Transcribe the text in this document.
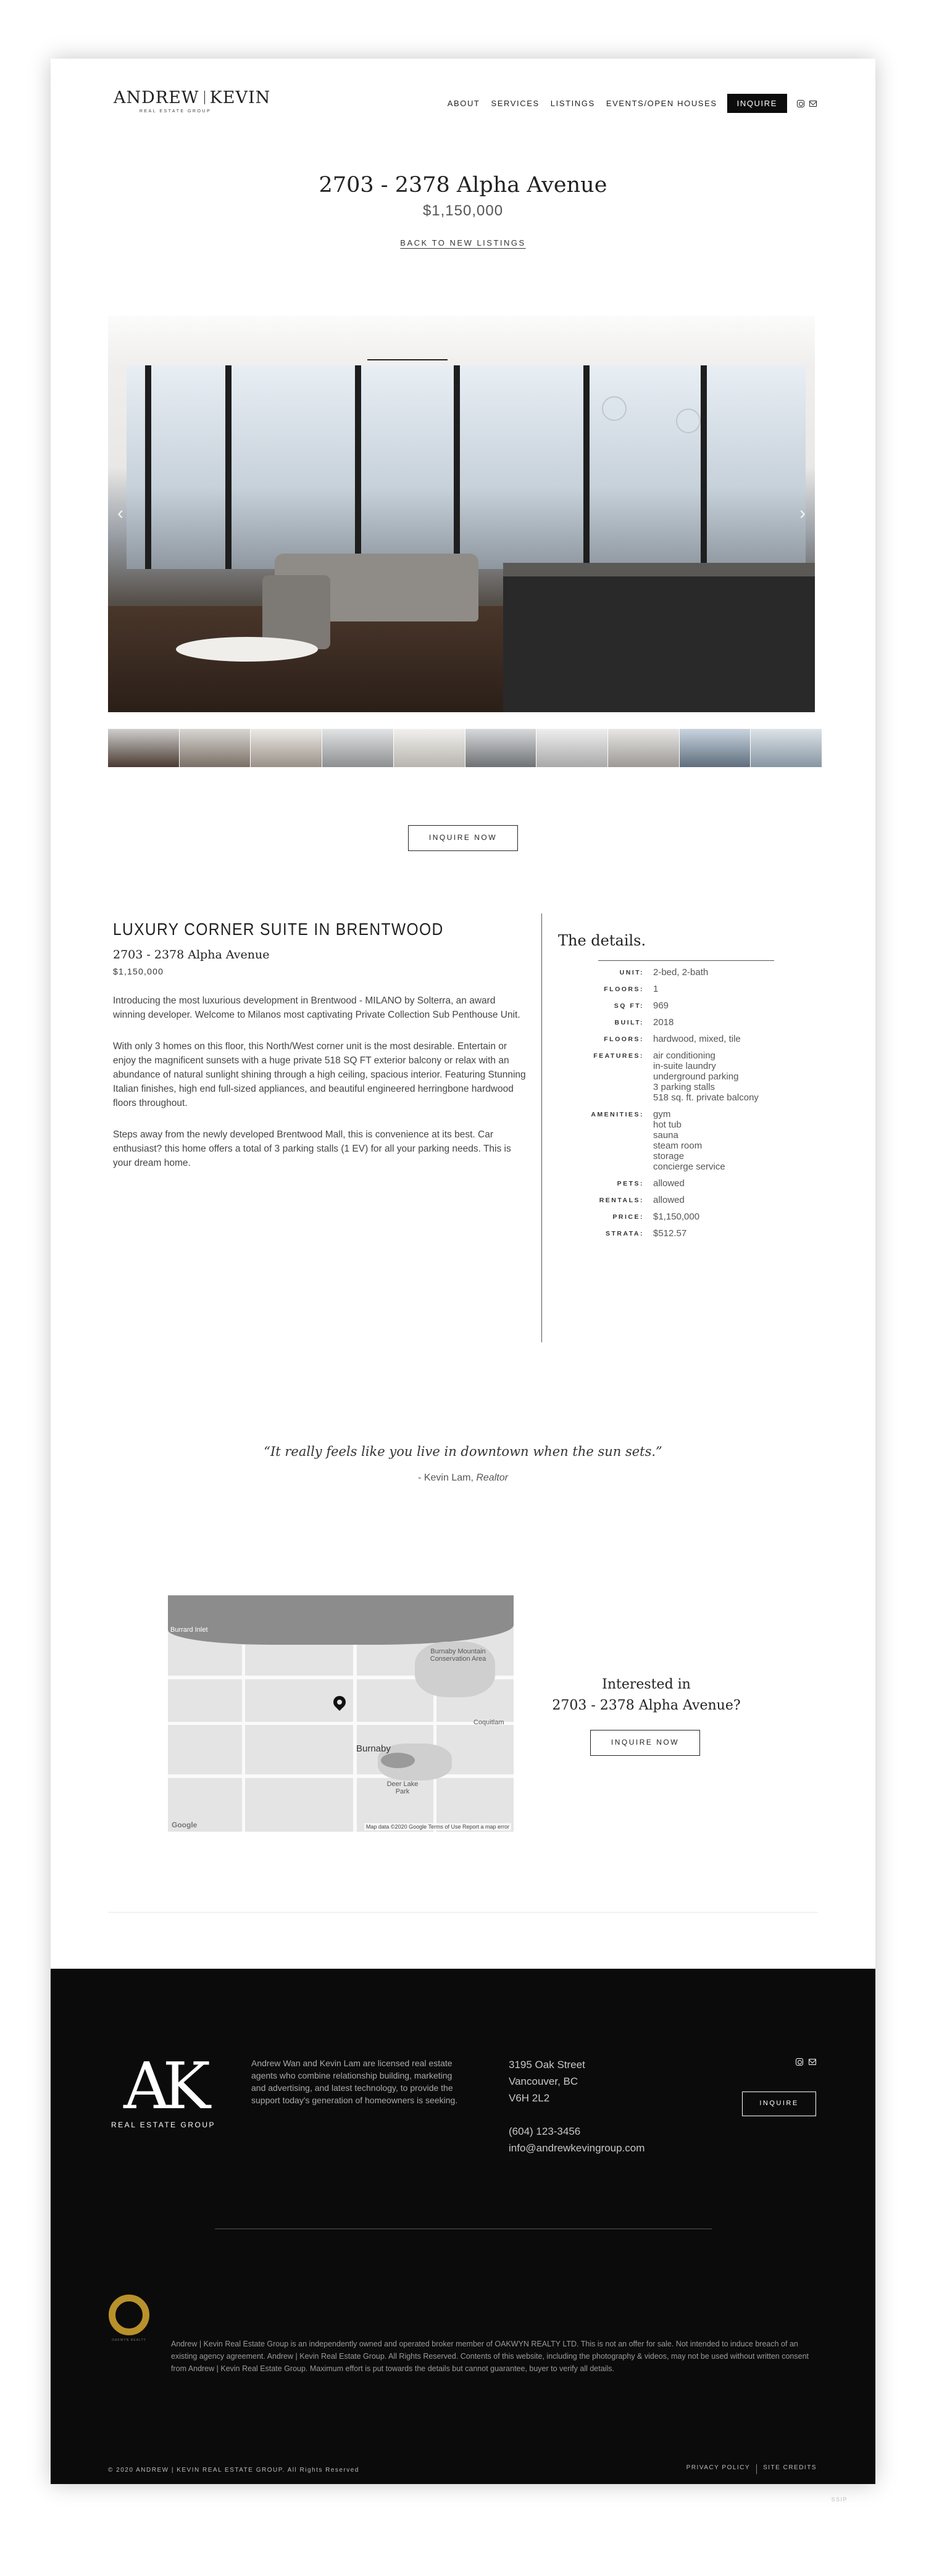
ANDREW KEVIN
REAL ESTATE GROUP
ABOUT SERVICES LISTINGS EVENTS/OPEN HOUSES	INQUIRE
2703 - 2378 Alpha Avenue
$1,150,000
BACK TO NEW LISTINGS
‹	›
INQUIRE NOW
LUXURY CORNER SUITE IN BRENTWOOD
2703 - 2378 Alpha Avenue
$1,150,000

Introducing the most luxurious development in Brentwood - MILANO by Solterra, an award winning developer. Welcome to Milanos most captivating Private Collection Sub Penthouse Unit.

With only 3 homes on this floor, this North/West corner unit is the most desirable. Entertain or enjoy the magnificent sunsets with a huge private 518 SQ FT exterior balcony or relax with an abundance of natural sunlight shining through a high ceiling, spacious interior. Featuring Stunning Italian finishes, high end full-sized appliances, and beautiful engineered herringbone hardwood floors throughout.

Steps away from the newly developed Brentwood Mall, this is convenience at its best. Car enthusiast? this home offers a total of 3 parking stalls (1 EV) for all your parking needs. This is your dream home.

The details.
UNIT: 2-bed, 2-bath
FLOORS: 1
SQ FT: 969
BUILT: 2018
FLOORS: hardwood, mixed, tile
FEATURES: air conditioning
in-suite laundry
underground parking
3 parking stalls
518 sq. ft. private balcony
AMENITIES: gym
hot tub
sauna
steam room
storage
concierge service
PETS: allowed
RENTALS: allowed
PRICE: $1,150,000
STRATA: $512.57
“It really feels like you live in downtown when the sun sets.”
- Kevin Lam, Realtor
Burrard Inlet
Burnaby
Burnaby Mountain Conservation Area
Deer Lake Park
Coquitlam
Google	Map data ©2020 Google Terms of Use Report a map error
Interested in
2703 - 2378 Alpha Avenue?
INQUIRE NOW
AK
REAL ESTATE GROUP
Andrew Wan and Kevin Lam are licensed real estate agents who combine relationship building, marketing and advertising, and latest technology, to provide the support today's generation of homeowners is seeking.
3195 Oak Street
Vancouver, BC
V6H 2L2
(604) 123-3456
info@andrewkevingroup.com
INQUIRE
OAKWYN REALTY	Andrew | Kevin Real Estate Group is an independently owned and operated broker member of OAKWYN REALTY LTD. This is not an offer for sale. Not intended to induce breach of an existing agency agreement. Andrew | Kevin Real Estate Group. All Rights Reserved. Contents of this website, including the photography & videos, may not be used without written consent from Andrew | Kevin Real Estate Group. Maximum effort is put towards the details but cannot guarantee, buyer to verify all details.
© 2020 ANDREW | KEVIN REAL ESTATE GROUP. All Rights Reserved	PRIVACY POLICY SITE CREDITS
SSIP
